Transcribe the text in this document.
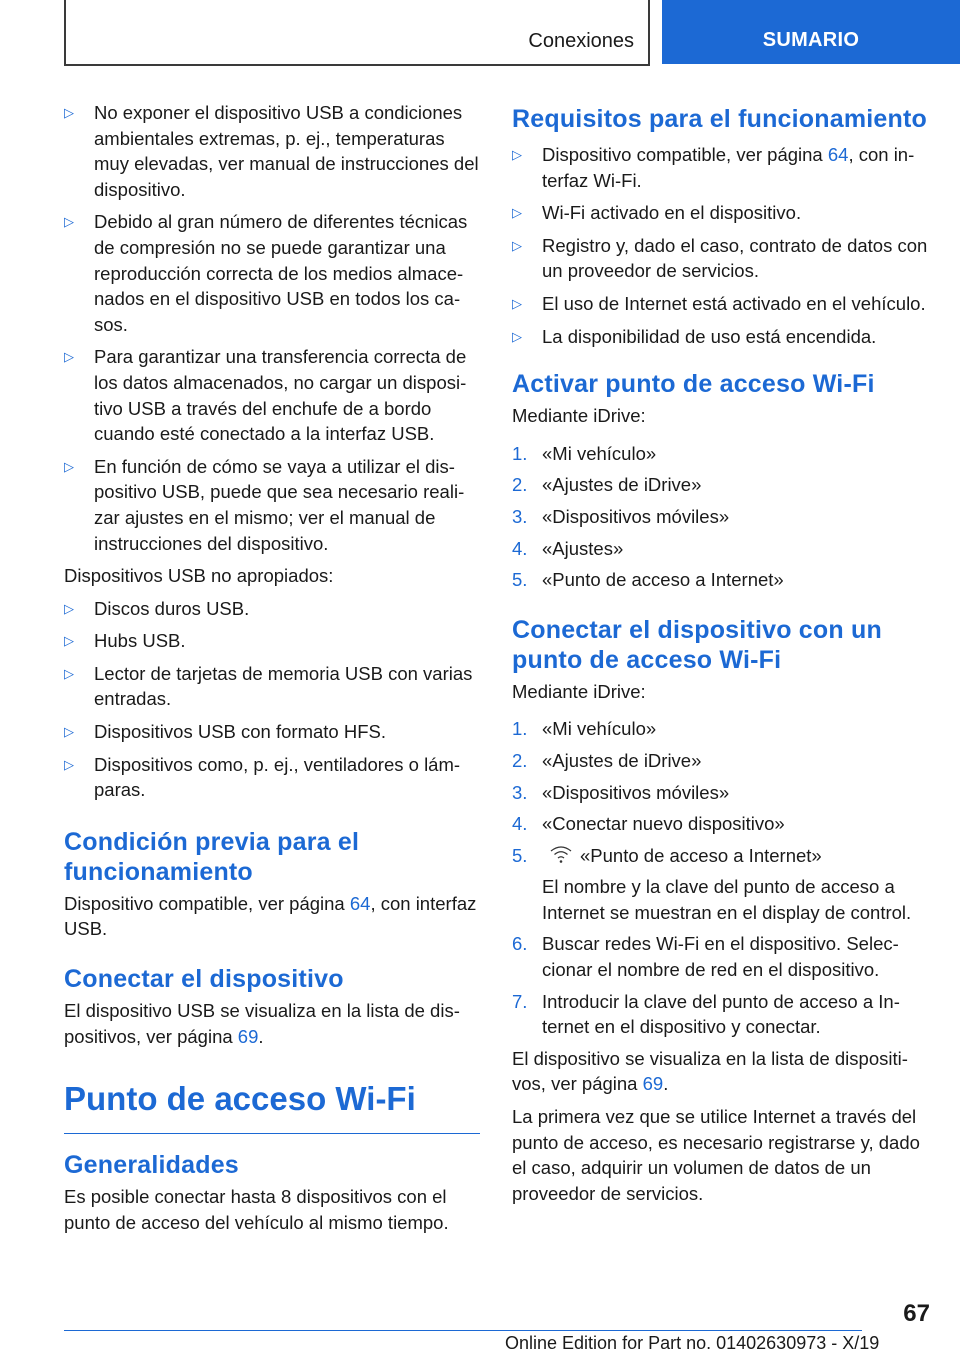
Conexiones	SUMARIO
▷ No exponer el dispositivo USB a condiciones ambientales extremas, p. ej., temperaturas muy elevadas, ver manual de instrucciones del dispositivo.
▷ Debido al gran número de diferentes técnicas de compresión no se puede garantizar una reproducción correcta de los medios almacenados en el dispositivo USB en todos los casos.
▷ Para garantizar una transferencia correcta de los datos almacenados, no cargar un dispositivo USB a través del enchufe de a bordo cuando esté conectado a la interfaz USB.
▷ En función de cómo se vaya a utilizar el dispositivo USB, puede que sea necesario realizar ajustes en el mismo; ver el manual de instrucciones del dispositivo.

Dispositivos USB no apropiados:

▷ Discos duros USB.
▷ Hubs USB.
▷ Lector de tarjetas de memoria USB con varias entradas.
▷ Dispositivos USB con formato HFS.
▷ Dispositivos como, p. ej., ventiladores o lámparas.
Condición previa para el funcionamiento

Dispositivo compatible, ver página 64, con interfaz USB.

Conectar el dispositivo

El dispositivo USB se visualiza en la lista de dispositivos, ver página 69.

Punto de acceso Wi-Fi
Generalidades

Es posible conectar hasta 8 dispositivos con el punto de acceso del vehículo al mismo tiempo.

Requisitos para el funcionamiento
▷ Dispositivo compatible, ver página 64, con interfaz Wi-Fi.
▷ Wi-Fi activado en el dispositivo.
▷ Registro y, dado el caso, contrato de datos con un proveedor de servicios.
▷ El uso de Internet está activado en el vehículo.
▷ La disponibilidad de uso está encendida.
Activar punto de acceso Wi-Fi

Mediante iDrive:

1. «Mi vehículo»
2. «Ajustes de iDrive»
3. «Dispositivos móviles»
4. «Ajustes»
5. «Punto de acceso a Internet»
Conectar el dispositivo con un punto de acceso Wi-Fi

Mediante iDrive:

1. «Mi vehículo»
2. «Ajustes de iDrive»
3. «Dispositivos móviles»
4. «Conectar nuevo dispositivo»
5.	«Punto de acceso a Internet»
El nombre y la clave del punto de acceso a Internet se muestran en el display de control.
6. Buscar redes Wi-Fi en el dispositivo. Seleccionar el nombre de red en el dispositivo.
7. Introducir la clave del punto de acceso a Internet en el dispositivo y conectar.

El dispositivo se visualiza en la lista de dispositivos, ver página 69.

La primera vez que se utilice Internet a través del punto de acceso, es necesario registrarse y, dado el caso, adquirir un volumen de datos de un proveedor de servicios.

67
Online Edition for Part no. 01402630973 - X/19
